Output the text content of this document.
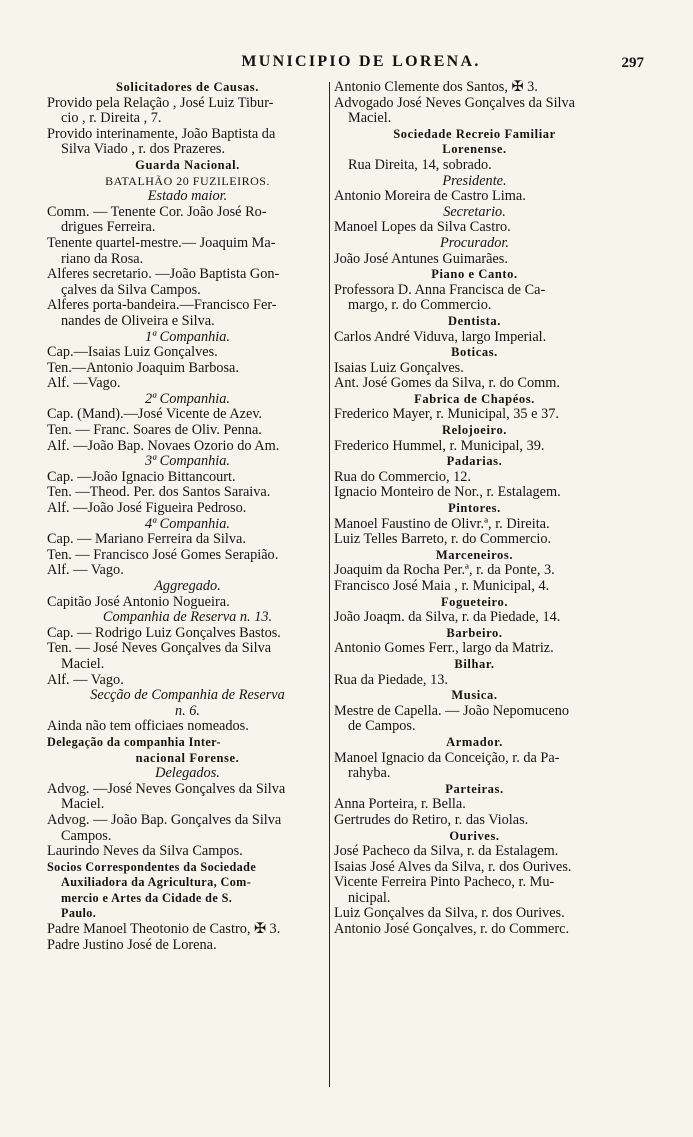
MUNICIPIO DE LORENA.	297
Solicitadores de Causas.
Provido pela Relação , José Luiz Tibur-
cio , r. Direita , 7.
Provido interinamente, João Baptista da
Silva Viado , r. dos Prazeres.
Guarda Nacional.
BATALHÃO 20 FUZILEIROS.
Estado maior.
Comm. — Tenente Cor. João José Ro-
drigues Ferreira.
Tenente quartel-mestre.— Joaquim Ma-
riano da Rosa.
Alferes secretario. —João Baptista Gon-
çalves da Silva Campos.
Alferes porta-bandeira.—Francisco Fer-
nandes de Oliveira e Silva.
1ª Companhia.
Cap.—Isaias Luiz Gonçalves.
Ten.—Antonio Joaquim Barbosa.
Alf. —Vago.
2ª Companhia.
Cap. (Mand).—José Vicente de Azev.
Ten. — Franc. Soares de Oliv. Penna.
Alf. —João Bap. Novaes Ozorio do Am.
3ª Companhia.
Cap. —João Ignacio Bittancourt.
Ten. —Theod. Per. dos Santos Saraiva.
Alf. —João José Figueira Pedroso.
4ª Companhia.
Cap. — Mariano Ferreira da Silva.
Ten. — Francisco José Gomes Serapião.
Alf. — Vago.
Aggregado.
Capitão José Antonio Nogueira.
Companhia de Reserva n. 13.
Cap. — Rodrigo Luiz Gonçalves Bastos.
Ten. — José Neves Gonçalves da Silva
Maciel.
Alf. — Vago.
Secção de Companhia de Reserva
n. 6.
Ainda não tem officiaes nomeados.
Delegação da companhia Inter-
nacional Forense.
Delegados.
Advog. —José Neves Gonçalves da Silva
Maciel.
Advog. — João Bap. Gonçalves da Silva
Campos.
Laurindo Neves da Silva Campos.
Socios Correspondentes da Sociedade
Auxiliadora da Agricultura, Com-
mercio e Artes da Cidade de S.
Paulo.
Padre Manoel Theotonio de Castro, ✠ 3.
Padre Justino José de Lorena.
Antonio Clemente dos Santos, ✠ 3.
Advogado José Neves Gonçalves da Silva
Maciel.
Sociedade Recreio Familiar
Lorenense.
Rua Direita, 14, sobrado.
Presidente.
Antonio Moreira de Castro Lima.
Secretario.
Manoel Lopes da Silva Castro.
Procurador.
João José Antunes Guimarães.
Piano e Canto.
Professora D. Anna Francisca de Ca-
margo, r. do Commercio.
Dentista.
Carlos André Viduva, largo Imperial.
Boticas.
Isaias Luiz Gonçalves.
Ant. José Gomes da Silva, r. do Comm.
Fabrica de Chapéos.
Frederico Mayer, r. Municipal, 35 e 37.
Relojoeiro.
Frederico Hummel, r. Municipal, 39.
Padarias.
Rua do Commercio, 12.
Ignacio Monteiro de Nor., r. Estalagem.
Pintores.
Manoel Faustino de Olivr.ª, r. Direita.
Luiz Telles Barreto, r. do Commercio.
Marceneiros.
Joaquim da Rocha Per.ª, r. da Ponte, 3.
Francisco José Maia , r. Municipal, 4.
Fogueteiro.
João Joaqm. da Silva, r. da Piedade, 14.
Barbeiro.
Antonio Gomes Ferr., largo da Matriz.
Bilhar.
Rua da Piedade, 13.
Musica.
Mestre de Capella. — João Nepomuceno
de Campos.
Armador.
Manoel Ignacio da Conceição, r. da Pa-
rahyba.
Parteiras.
Anna Porteira, r. Bella.
Gertrudes do Retiro, r. das Violas.
Ourives.
José Pacheco da Silva, r. da Estalagem.
Isaias José Alves da Silva, r. dos Ourives.
Vicente Ferreira Pinto Pacheco, r. Mu-
nicipal.
Luiz Gonçalves da Silva, r. dos Ourives.
Antonio José Gonçalves, r. do Commerc.
